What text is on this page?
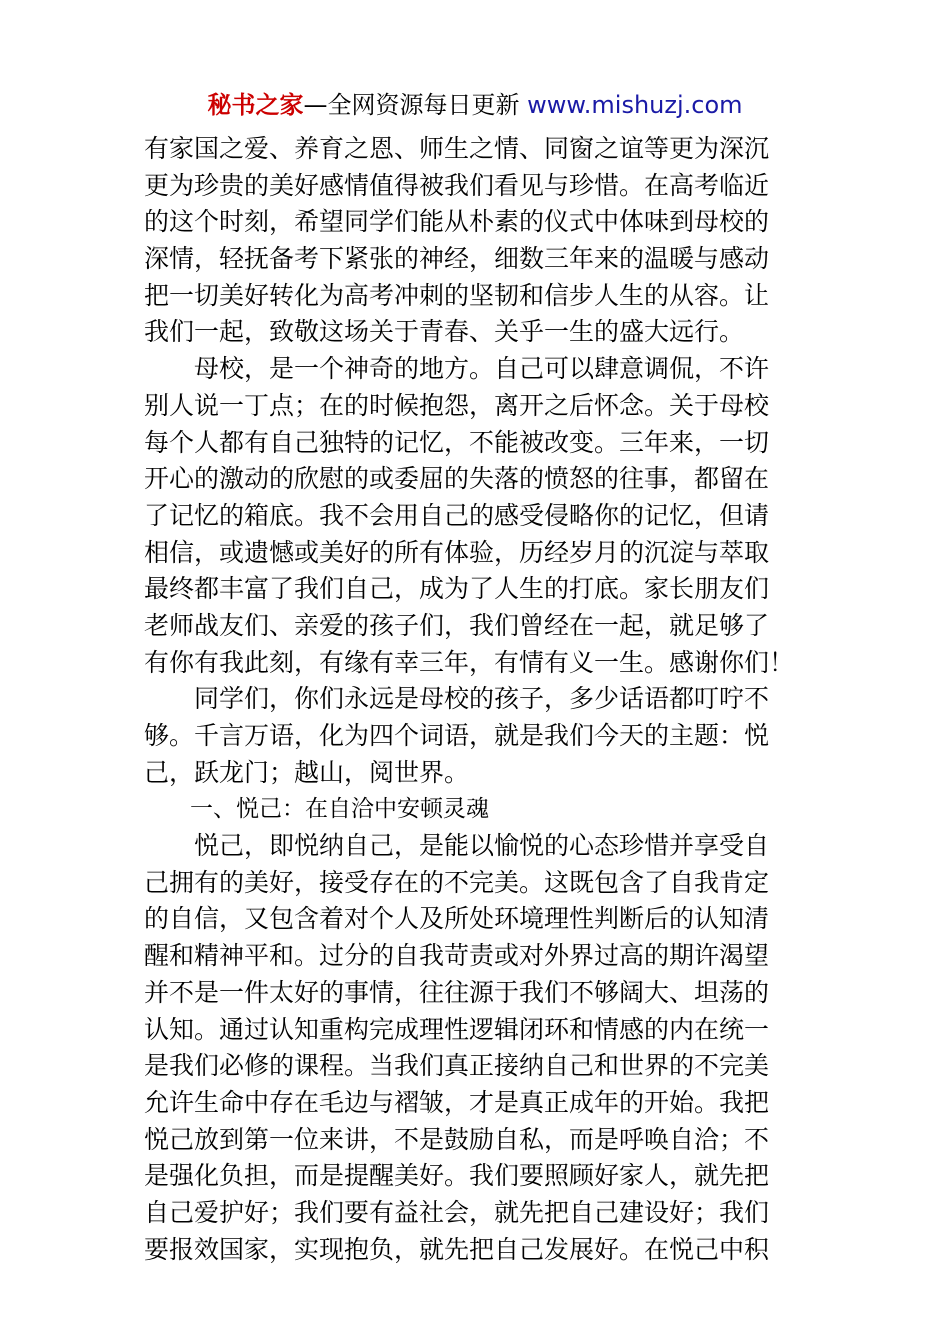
秘书之家—全网资源每日更新 www.mishuzj.com
有家国之爱、养育之恩、师生之情、同窗之谊等更为深沉
更为珍贵的美好感情值得被我们看见与珍惜。在高考临近
的这个时刻，希望同学们能从朴素的仪式中体味到母校的
深情，轻抚备考下紧张的神经，细数三年来的温暖与感动
把一切美好转化为高考冲刺的坚韧和信步人生的从容。让
我们一起，致敬这场关于青春、关乎一生的盛大远行。
　　母校，是一个神奇的地方。自己可以肆意调侃，不许
别人说一丁点；在的时候抱怨，离开之后怀念。关于母校
每个人都有自己独特的记忆，不能被改变。三年来，一切
开心的激动的欣慰的或委屈的失落的愤怒的往事，都留在
了记忆的箱底。我不会用自己的感受侵略你的记忆，但请
相信，或遗憾或美好的所有体验，历经岁月的沉淀与萃取
最终都丰富了我们自己，成为了人生的打底。家长朋友们
老师战友们、亲爱的孩子们，我们曾经在一起，就足够了
有你有我此刻，有缘有幸三年，有情有义一生。感谢你们！
　　同学们，你们永远是母校的孩子，多少话语都叮咛不
够。千言万语，化为四个词语，就是我们今天的主题：悦
己，跃龙门；越山，阅世界。
　　一、悦己：在自洽中安顿灵魂
　　悦己，即悦纳自己，是能以愉悦的心态珍惜并享受自
己拥有的美好，接受存在的不完美。这既包含了自我肯定
的自信，又包含着对个人及所处环境理性判断后的认知清
醒和精神平和。过分的自我苛责或对外界过高的期许渴望
并不是一件太好的事情，往往源于我们不够阔大、坦荡的
认知。通过认知重构完成理性逻辑闭环和情感的内在统一
是我们必修的课程。当我们真正接纳自己和世界的不完美
允许生命中存在毛边与褶皱，才是真正成年的开始。我把
悦己放到第一位来讲，不是鼓励自私，而是呼唤自洽；不
是强化负担，而是提醒美好。我们要照顾好家人，就先把
自己爱护好；我们要有益社会，就先把自己建设好；我们
要报效国家，实现抱负，就先把自己发展好。在悦己中积
